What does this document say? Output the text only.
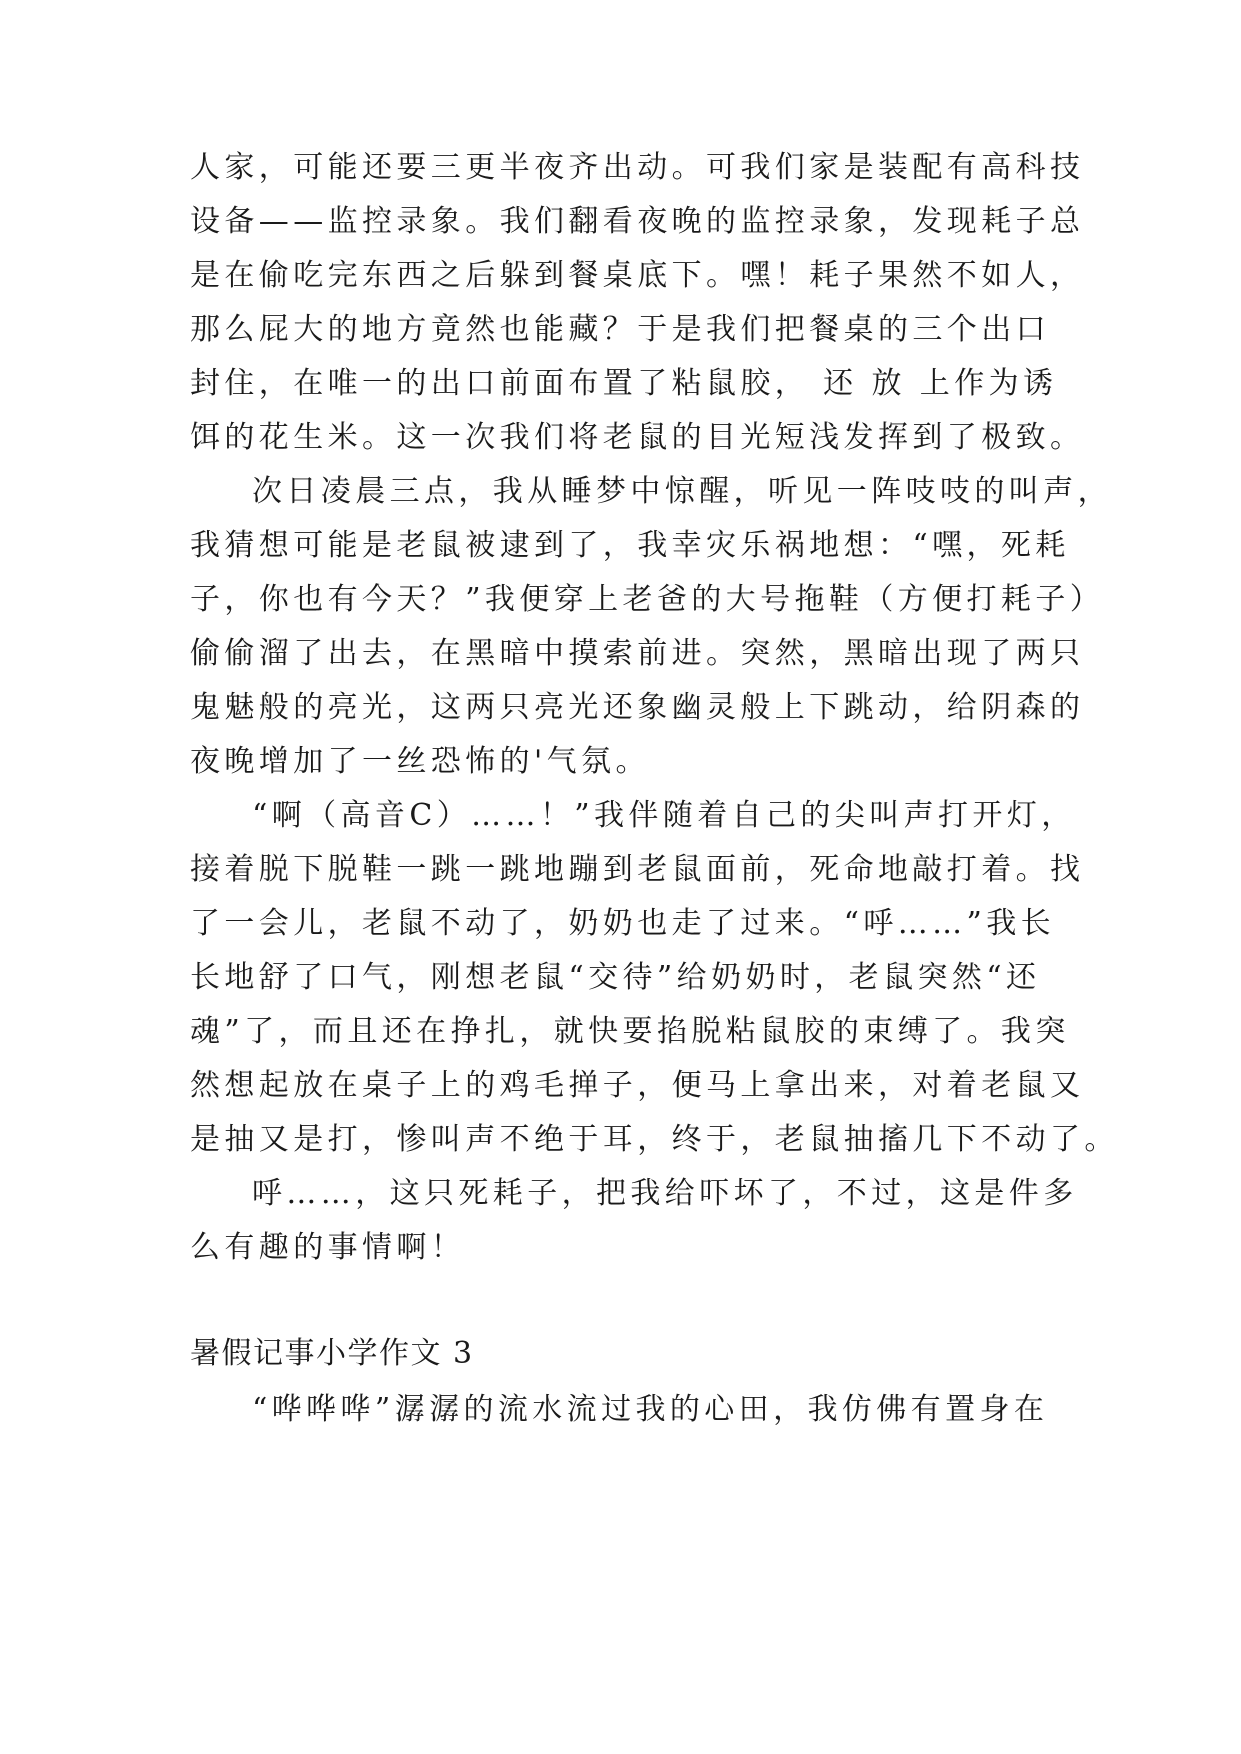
人家，可能还要三更半夜齐出动。可我们家是装配有高科技
设备——监控录象。我们翻看夜晚的监控录象，发现耗子总
是在偷吃完东西之后躲到餐桌底下。嘿！耗子果然不如人，
那么屁大的地方竟然也能藏？于是我们把餐桌的三个出口
封住，在唯一的出口前面布置了粘鼠胶， 还 放 上作为诱
饵的花生米。这一次我们将老鼠的目光短浅发挥到了极致。
次日凌晨三点，我从睡梦中惊醒，听见一阵吱吱的叫声，
我猜想可能是老鼠被逮到了，我幸灾乐祸地想：“嘿，死耗
子，你也有今天？”我便穿上老爸的大号拖鞋（方便打耗子）
偷偷溜了出去，在黑暗中摸索前进。突然，黑暗出现了两只
鬼魅般的亮光，这两只亮光还象幽灵般上下跳动，给阴森的
夜晚增加了一丝恐怖的'气氛。
“啊（高音C）……！”我伴随着自己的尖叫声打开灯，
接着脱下脱鞋一跳一跳地蹦到老鼠面前，死命地敲打着。找
了一会儿，老鼠不动了，奶奶也走了过来。“呼……”我长
长地舒了口气，刚想老鼠“交待”给奶奶时，老鼠突然“还
魂”了，而且还在挣扎，就快要掐脱粘鼠胶的束缚了。我突
然想起放在桌子上的鸡毛掸子，便马上拿出来，对着老鼠又
是抽又是打，惨叫声不绝于耳，终于，老鼠抽搐几下不动了。
呼……，这只死耗子，把我给吓坏了，不过，这是件多
么有趣的事情啊！
暑假记事小学作文 3
“哗哗哗”潺潺的流水流过我的心田，我仿佛有置身在
